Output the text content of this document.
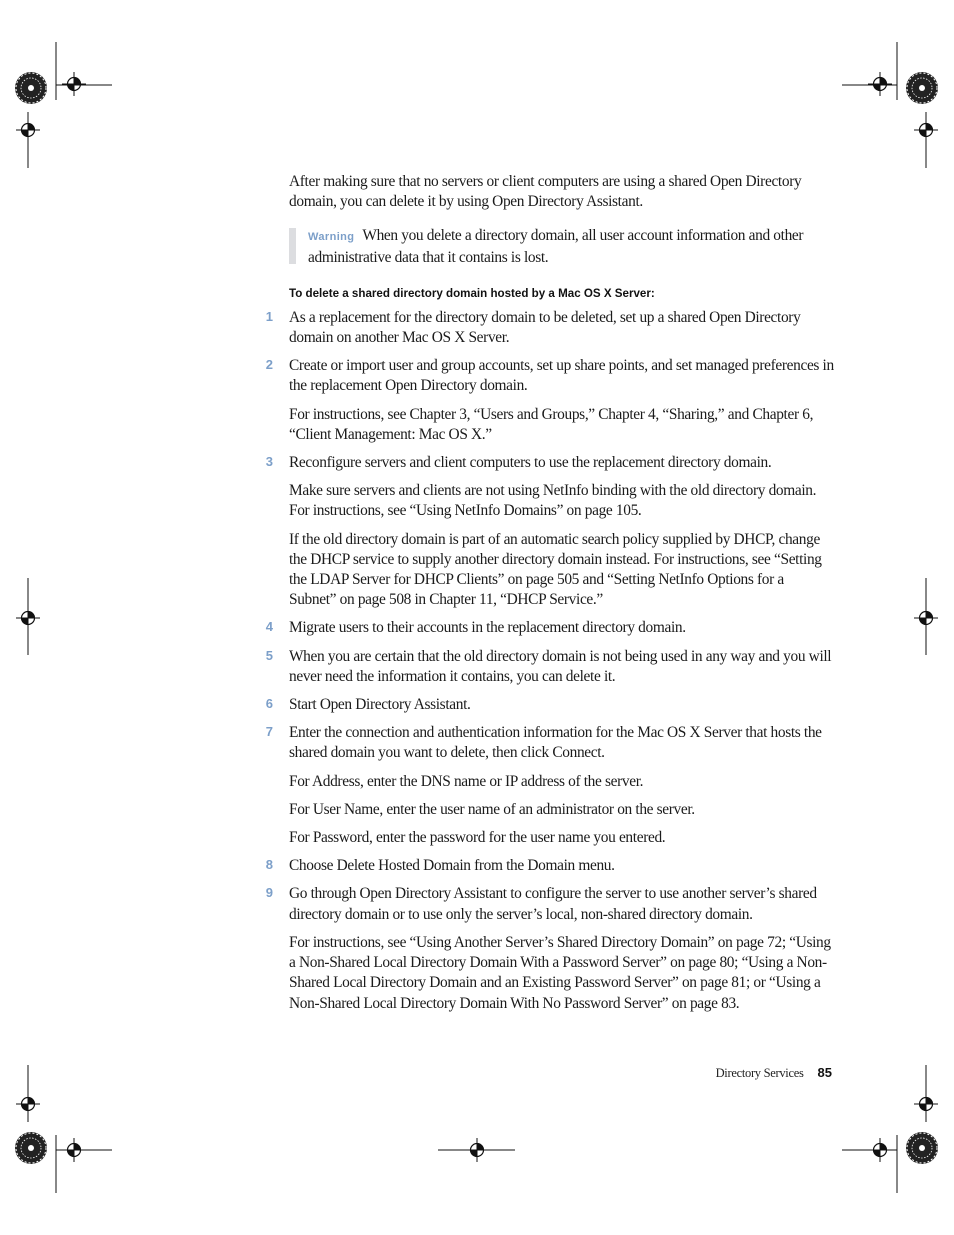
After making sure that no servers or client computers are using a shared Open Directory domain, you can delete it by using Open Directory Assistant.

Warning When you delete a directory domain, all user account information and other administrative data that it contains is lost.

To delete a shared directory domain hosted by a Mac OS X Server:

1 As a replacement for the directory domain to be deleted, set up a shared Open Directory domain on another Mac OS X Server.

2 Create or import user and group accounts, set up share points, and set managed preferences in the replacement Open Directory domain.

For instructions, see Chapter 3, “Users and Groups,” Chapter 4, “Sharing,” and Chapter 6, “Client Management: Mac OS X.”

3 Reconfigure servers and client computers to use the replacement directory domain.

Make sure servers and clients are not using NetInfo binding with the old directory domain. For instructions, see “Using NetInfo Domains” on page 105.

If the old directory domain is part of an automatic search policy supplied by DHCP, change the DHCP service to supply another directory domain instead. For instructions, see “Setting the LDAP Server for DHCP Clients” on page 505 and “Setting NetInfo Options for a Subnet” on page 508 in Chapter 11, “DHCP Service.”

4 Migrate users to their accounts in the replacement directory domain.

5 When you are certain that the old directory domain is not being used in any way and you will never need the information it contains, you can delete it.

6 Start Open Directory Assistant.

7 Enter the connection and authentication information for the Mac OS X Server that hosts the shared domain you want to delete, then click Connect.

For Address, enter the DNS name or IP address of the server.

For User Name, enter the user name of an administrator on the server.

For Password, enter the password for the user name you entered.

8 Choose Delete Hosted Domain from the Domain menu.

9 Go through Open Directory Assistant to configure the server to use another server’s shared directory domain or to use only the server’s local, non-shared directory domain.

For instructions, see “Using Another Server’s Shared Directory Domain” on page 72; “Using a Non-Shared Local Directory Domain With a Password Server” on page 80; “Using a Non-Shared Local Directory Domain and an Existing Password Server” on page 81; or “Using a Non-Shared Local Directory Domain With No Password Server” on page 83.

Directory Services 85
